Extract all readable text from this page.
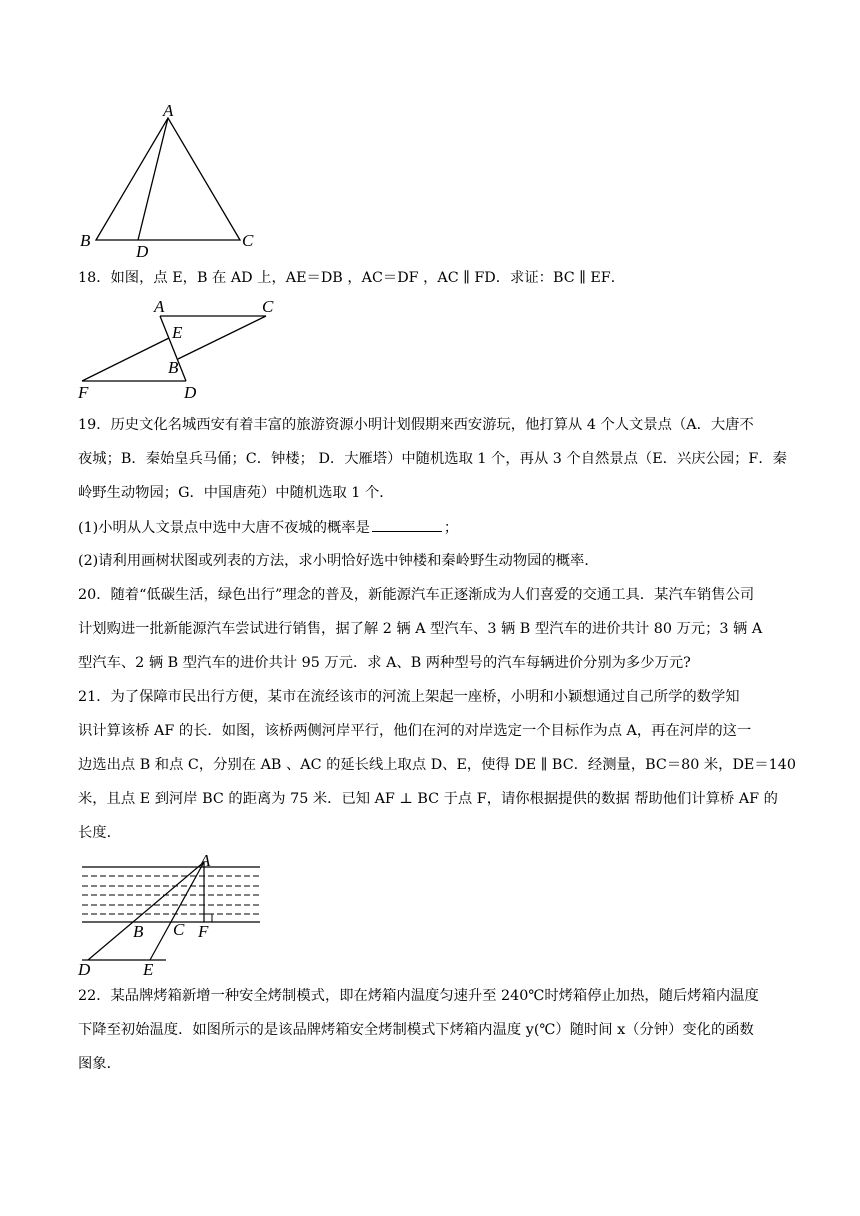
A
B
D
C
18．如图，点 E，B 在 AD 上，AE＝DB ，AC＝DF ，AC ∥ FD．求证：BC ∥ EF．
A	C
E
B
F	D
19．历史文化名城西安有着丰富的旅游资源小明计划假期来西安游玩，他打算从 4 个人文景点（A．大唐不
夜城；B．秦始皇兵马俑；C．钟楼； D．大雁塔）中随机选取 1 个，再从 3 个自然景点（E．兴庆公园；F．秦
岭野生动物园；G．中国唐苑）中随机选取 1 个．
(1)小明从人文景点中选中大唐不夜城的概率是	；
(2)请利用画树状图或列表的方法，求小明恰好选中钟楼和秦岭野生动物园的概率．
20．随着“低碳生活，绿色出行”理念的普及，新能源汽车正逐渐成为人们喜爱的交通工具．某汽车销售公司
计划购进一批新能源汽车尝试进行销售，据了解 2 辆 A 型汽车、3 辆 B 型汽车的进价共计 80 万元；3 辆 A
型汽车、2 辆 B 型汽车的进价共计 95 万元．求 A、B 两种型号的汽车每辆进价分别为多少万元?
21．为了保障市民出行方便，某市在流经该市的河流上架起一座桥，小明和小颖想通过自己所学的数学知
识计算该桥 AF 的长．如图，该桥两侧河岸平行，他们在河的对岸选定一个目标作为点 A，再在河岸的这一
边选出点 B 和点 C，分别在 AB 、AC 的延长线上取点 D、E，使得 DE ∥ BC．经测量，BC＝80 米，DE＝140
米，且点 E 到河岸 BC 的距离为 75 米．已知 AF ⊥ BC 于点 F，请你根据提供的数据 帮助他们计算桥 AF 的
长度．
A
B C F
D	E
22．某品牌烤箱新增一种安全烤制模式，即在烤箱内温度匀速升至 240℃时烤箱停止加热，随后烤箱内温度
下降至初始温度．如图所示的是该品牌烤箱安全烤制模式下烤箱内温度 y(℃）随时间 x（分钟）变化的函数
图象．
